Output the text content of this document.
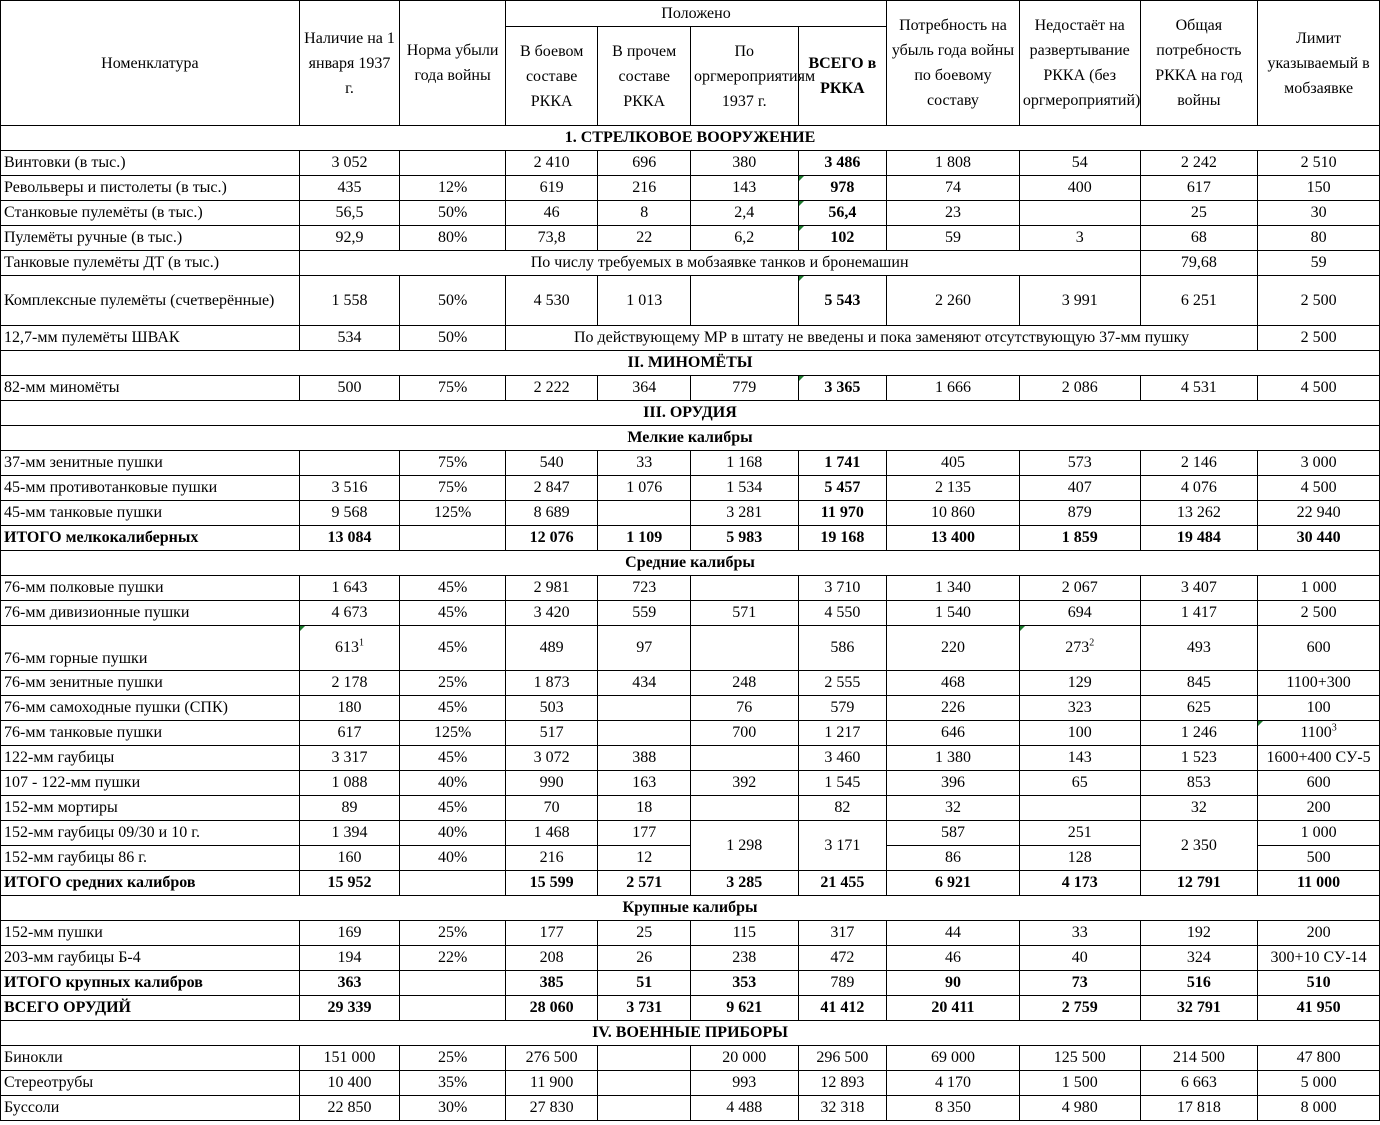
Номенклатура	Наличие на 1 января 1937 г.	Норма убыли года войны	Положено				Потребность на убыль года войны по боевому составу	Недостаёт на развертывание РККА (без оргмероприятий)	Общая потребность РККА на год войны	Лимит указываемый в мобзаявке
			В боевом составе РККА	В прочем составе РККА	По оргмероприятиям 1937 г.	ВСЕГО в РККА				
1. СТРЕЛКОВОЕ ВООРУЖЕНИЕ										
Винтовки (в тыс.)	3 052		2 410	696	380	3 486	1 808	54	2 242	2 510
Револьверы и пистолеты (в тыс.)	435	12%	619	216	143	978	74	400	617	150
Станковые пулемёты (в тыс.)	56,5	50%	46	8	2,4	56,4	23		25	30
Пулемёты ручные (в тыс.)	92,9	80%	73,8	22	6,2	102	59	3	68	80
Танковые пулемёты ДТ (в тыс.)	По числу требуемых в мобзаявке танков и бронемашин								79,68	59
Комплексные пулемёты (счетверённые)	1 558	50%	4 530	1 013		5 543	2 260	3 991	6 251	2 500
12,7-мм пулемёты ШВАК	534	50%	По действующему МР в штату не введены и пока заменяют отсутствующую 37-мм пушку							2 500
II. МИНОМЁТЫ										
82-мм миномёты	500	75%	2 222	364	779	3 365	1 666	2 086	4 531	4 500
III. ОРУДИЯ										
Мелкие калибры										
37-мм зенитные пушки		75%	540	33	1 168	1 741	405	573	2 146	3 000
45-мм противотанковые пушки	3 516	75%	2 847	1 076	1 534	5 457	2 135	407	4 076	4 500
45-мм танковые пушки	9 568	125%	8 689		3 281	11 970	10 860	879	13 262	22 940
ИТОГО мелкокалиберных	13 084		12 076	1 109	5 983	19 168	13 400	1 859	19 484	30 440
Средние калибры										
76-мм полковые пушки	1 643	45%	2 981	723		3 710	1 340	2 067	3 407	1 000
76-мм дивизионные пушки	4 673	45%	3 420	559	571	4 550	1 540	694	1 417	2 500
76-мм горные пушки	$613^1$	45%	489	97		586	220	$273^2$	493	600
76-мм зенитные пушки	2 178	25%	1 873	434	248	2 555	468	129	845	1100+300
76-мм самоходные пушки (СПК)	180	45%	503		76	579	226	323	625	100
76-мм танковые пушки	617	125%	517		700	1 217	646	100	1 246	1100$^3$
122-мм гаубицы	3 317	45%	3 072	388		3 460	1 380	143	1 523	1600+400 СУ-5
107 - 122-мм пушки	1 088	40%	990	163	392	1 545	396	65	853	600
152-мм мортиры	89	45%	70	18		82	32		32	200
152-мм гаубицы 09/30 и 10 г.	1 394	40%	1 468	177	1 298	3 171	587	251	2 350	1 000
152-мм гаубицы 86 г.	160	40%	216	12			86	128		500
ИТОГО средних калибров	15 952		15 599	2 571	3 285	21 455	6 921	4 173	12 791	11 000
Крупные калибры										
152-мм пушки	169	25%	177	25	115	317	44	33	192	200
203-мм гаубицы Б-4	194	22%	208	26	238	472	46	40	324	300+10 СУ-14
ИТОГО крупных калибров	363		385	51	353	789	90	73	516	510
ВСЕГО ОРУДИЙ	29 339		28 060	3 731	9 621	41 412	20 411	2 759	32 791	41 950
IV. ВОЕННЫЕ ПРИБОРЫ										
Бинокли	151 000	25%	276 500		20 000	296 500	69 000	125 500	214 500	47 800
Стереотрубы	10 400	35%	11 900		993	12 893	4 170	1 500	6 663	5 000
Буссоли	22 850	30%	27 830		4 488	32 318	8 350	4 980	17 818	8 000
